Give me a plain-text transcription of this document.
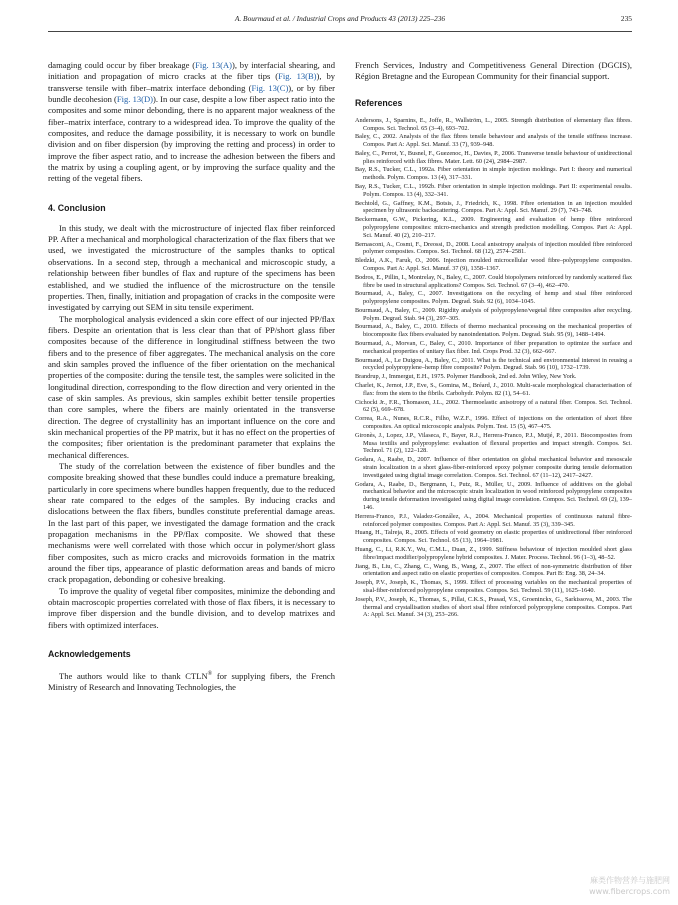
A. Bourmaud et al. / Industrial Crops and Products 43 (2013) 225–236	235

damaging could occur by fiber breakage (Fig. 13(A)), by interfacial shearing, and initiation and propagation of micro cracks at the fiber tips (Fig. 13(B)), by transverse tensile with fiber–matrix interface debonding (Fig. 13(C)), or by fiber bundle decohesion (Fig. 13(D)). In our case, despite a low fiber aspect ratio into the composites and some minor debonding, there is no apparent major weakness of the fiber–matrix interface, contrary to a widespread idea. To improve the quality of the composites, and reduce the damage possibility, it is necessary to work on bundle division and on fiber dispersion (by improving the retting and process) in order to improve the fiber aspect ratio, and to increase the adhesion between the fibers and the matrix by using a coupling agent, or by improving the surface quality and the retting of the vegetal fibers.

4. Conclusion

In this study, we dealt with the microstructure of injected flax fiber reinforced PP. After a mechanical and morphological characterization of the flax fibers that we used, we investigated the microstructure of the samples thanks to optical observations. In a second step, through a mechanical and microscopic study, a relationship between fiber bundles of flax and rupture of the specimens has been established, and we studied the influence of the microstructure on the tensile properties. Then, finally, initiation and propagation of cracks in the composite were investigated by carrying out SEM in situ tensile experiment.

The morphological analysis evidenced a skin core effect of our injected PP/flax fibers. Despite an orientation that is less clear than that of PP/short glass fiber composites because of the difference in longitudinal stiffness between the two fibers and to the presence of fiber aggregates. The mechanical analysis on the core and skin samples proved the influence of the fiber orientation on the mechanical properties of the composite: during the tensile test, the samples were solicited in the longitudinal direction, corresponding to the flow direction and very oriented in the case of skin samples. As previous, skin samples exhibit better tensile properties than core samples, where the fibers are mainly orientated in the transverse direction. The degree of crystallinity has an important influence on the core and skin mechanical properties of the PP matrix, but it has no effect on the properties of the composites; fiber orientation is the predominant parameter that explains the mechanical differences.

The study of the correlation between the existence of fiber bundles and the composite breaking showed that these bundles could induce a premature breaking, particularly in core specimens where bundles happen frequently, due to the reduced shear rate compared to the edges of the samples. By inducing cracks and dislocations between the flax fibers, bundles constitute preferential damage areas. In the last part of this paper, we investigated the damage formation and the crack propagation mechanisms in the PP/flax composite. We showed that these mechanisms were well correlated with those which occur in polymer/short glass fiber composites, such as micro cracks and microvoids formation in the matrix around the fiber tips, appearance of plastic deformation areas and bands of micro crack propagation, debonding or cohesive breaking.

To improve the quality of vegetal fiber composites, minimize the debonding and obtain macroscopic properties correlated with those of flax fibers, it is necessary to improve fiber dispersion and the bundle division, and to develop matrixes and fibers with optimized interfaces.

Acknowledgements

The authors would like to thank CTLN® for supplying fibers, the French Ministry of Research and Innovating Technologies, the

French Services, Industry and Competitiveness General Direction (DGCIS), Région Bretagne and the European Community for their financial support.

References
Andersons, J., Sparnins, E., Joffe, R., Wallström, L., 2005. Strength distribution of elementary flax fibres. Compos. Sci. Technol. 65 (3–4), 693–702.
Baley, C., 2002. Analysis of the flax fibres tensile behaviour and analysis of the tensile stiffness increase. Compos. Part A: Appl. Sci. Manuf. 33 (7), 939–948.
Baley, C., Perrot, Y., Busnel, F., Guezenoc, H., Davies, P., 2006. Transverse tensile behaviour of unidirectional plies reinforced with flax fibres. Mater. Lett. 60 (24), 2984–2987.
Bay, R.S., Tucker, C.L., 1992a. Fiber orientation in simple injection moldings. Part I: theory and numerical methods. Polym. Compos. 13 (4), 317–331.
Bay, R.S., Tucker, C.L., 1992b. Fiber orientation in simple injection moldings. Part II: experimental results. Polym. Compos. 13 (4), 332–341.
Bechtold, G., Gaffney, K.M., Botsis, J., Friedrich, K., 1998. Fibre orientation in an injection moulded specimen by ultrasonic backscattering. Compos. Part A: Appl. Sci. Manuf. 29 (7), 743–748.
Beckermann, G.W., Pickering, K.L., 2009. Engineering and evaluation of hemp fibre reinforced polypropylene composites: micro-mechanics and strength prediction modelling. Compos. Part A: Appl. Sci. Manuf. 40 (2), 210–217.
Bernasconi, A., Cosmi, F., Dreossi, D., 2008. Local anisotropy analysis of injection moulded fibre reinforced polymer composites. Compos. Sci. Technol. 68 (12), 2574–2581.
Bledzki, A.K., Faruk, O., 2006. Injection moulded microcellular wood fibre–polypropylene composites. Compos. Part A: Appl. Sci. Manuf. 37 (9), 1358–1367.
Bodros, E., Pillin, I., Montrelay, N., Baley, C., 2007. Could biopolymers reinforced by randomly scattered flax fibre be used in structural applications? Compos. Sci. Technol. 67 (3–4), 462–470.
Bourmaud, A., Baley, C., 2007. Investigations on the recycling of hemp and sisal fibre reinforced polypropylene composites. Polym. Degrad. Stab. 92 (6), 1034–1045.
Bourmaud, A., Baley, C., 2009. Rigidity analysis of polypropylene/vegetal fibre composites after recycling. Polym. Degrad. Stab. 94 (3), 297–305.
Bourmaud, A., Baley, C., 2010. Effects of thermo mechanical processing on the mechanical properties of biocomposite flax fibers evaluated by nanoindentation. Polym. Degrad. Stab. 95 (9), 1488–1494.
Bourmaud, A., Morvan, C., Baley, C., 2010. Importance of fiber preparation to optimize the surface and mechanical properties of unitary flax fiber. Ind. Crops Prod. 32 (3), 662–667.
Bourmaud, A., Le Duigou, A., Baley, C., 2011. What is the technical and environmental interest in reusing a recycled polypropylene–hemp fibre composite? Polym. Degrad. Stab. 96 (10), 1732–1739.
Brandrup, J., Immergut, E.H., 1975. Polymer Handbook, 2nd ed. John Wiley, New York.
Charlet, K., Jernot, J.P., Eve, S., Gomina, M., Bréard, J., 2010. Multi-scale morphological characterisation of flax: from the stem to the fibrils. Carbohydr. Polym. 82 (1), 54–61.
Cichocki Jr., F.R., Thomason, J.L., 2002. Thermoelastic anisotropy of a natural fiber. Compos. Sci. Technol. 62 (5), 669–678.
Correa, R.A., Nunes, R.C.R., Filho, W.Z.F., 1996. Effect of injections on the orientation of short fibre composites. An optical microscopic analysis. Polym. Test. 15 (5), 467–475.
Gironès, J., Lopez, J.P., Vilaseca, F., Bayer, R.J., Herrera-Franco, P.J., Mutjé, P., 2011. Biocomposites from Musa textilis and polypropylene: evaluation of flexural properties and impact strength. Compos. Sci. Technol. 71 (2), 122–128.
Godara, A., Raabe, D., 2007. Influence of fiber orientation on global mechanical behavior and mesoscale strain localization in a short glass-fiber-reinforced epoxy polymer composite during tensile deformation investigated using digital image correlation. Compos. Sci. Technol. 67 (11–12), 2417–2427.
Godara, A., Raabe, D., Bergmann, I., Putz, R., Müller, U., 2009. Influence of additives on the global mechanical behavior and the microscopic strain localization in wood reinforced polypropylene composites during tensile deformation investigated using digital image correlation. Compos. Sci. Technol. 69 (2), 139–146.
Herrera-Franco, P.J., Valadez-González, A., 2004. Mechanical properties of continuous natural fibre-reinforced polymer composites. Compos. Part A: Appl. Sci. Manuf. 35 (3), 339–345.
Huang, H., Talreja, R., 2005. Effects of void geometry on elastic properties of unidirectional fiber reinforced composites. Compos. Sci. Technol. 65 (13), 1964–1981.
Huang, C., Li, R.K.Y., Wu, C.M.L., Duan, Z., 1999. Stiffness behaviour of injection moulded short glass fibre/impact modifier/polypropylene hybrid composites. J. Mater. Process. Technol. 96 (1–3), 48–52.
Jiang, B., Liu, C., Zhang, C., Wang, B., Wang, Z., 2007. The effect of non-symmetric distribution of fiber orientation and aspect ratio on elastic properties of composites. Compos. Part B: Eng. 38, 24–34.
Joseph, P.V., Joseph, K., Thomas, S., 1999. Effect of processing variables on the mechanical properties of sisal-fiber-reinforced polypropylene composites. Compos. Sci. Technol. 59 (11), 1625–1640.
Joseph, P.V., Joseph, K., Thomas, S., Pillai, C.K.S., Prasad, V.S., Groeninckx, G., Sarkissova, M., 2003. The thermal and crystallisation studies of short sisal fibre reinforced polypropylene composites. Compos. Part A: Appl. Sci. Manuf. 34 (3), 253–266.
麻类作物营养与施肥网
www.fibercrops.com
